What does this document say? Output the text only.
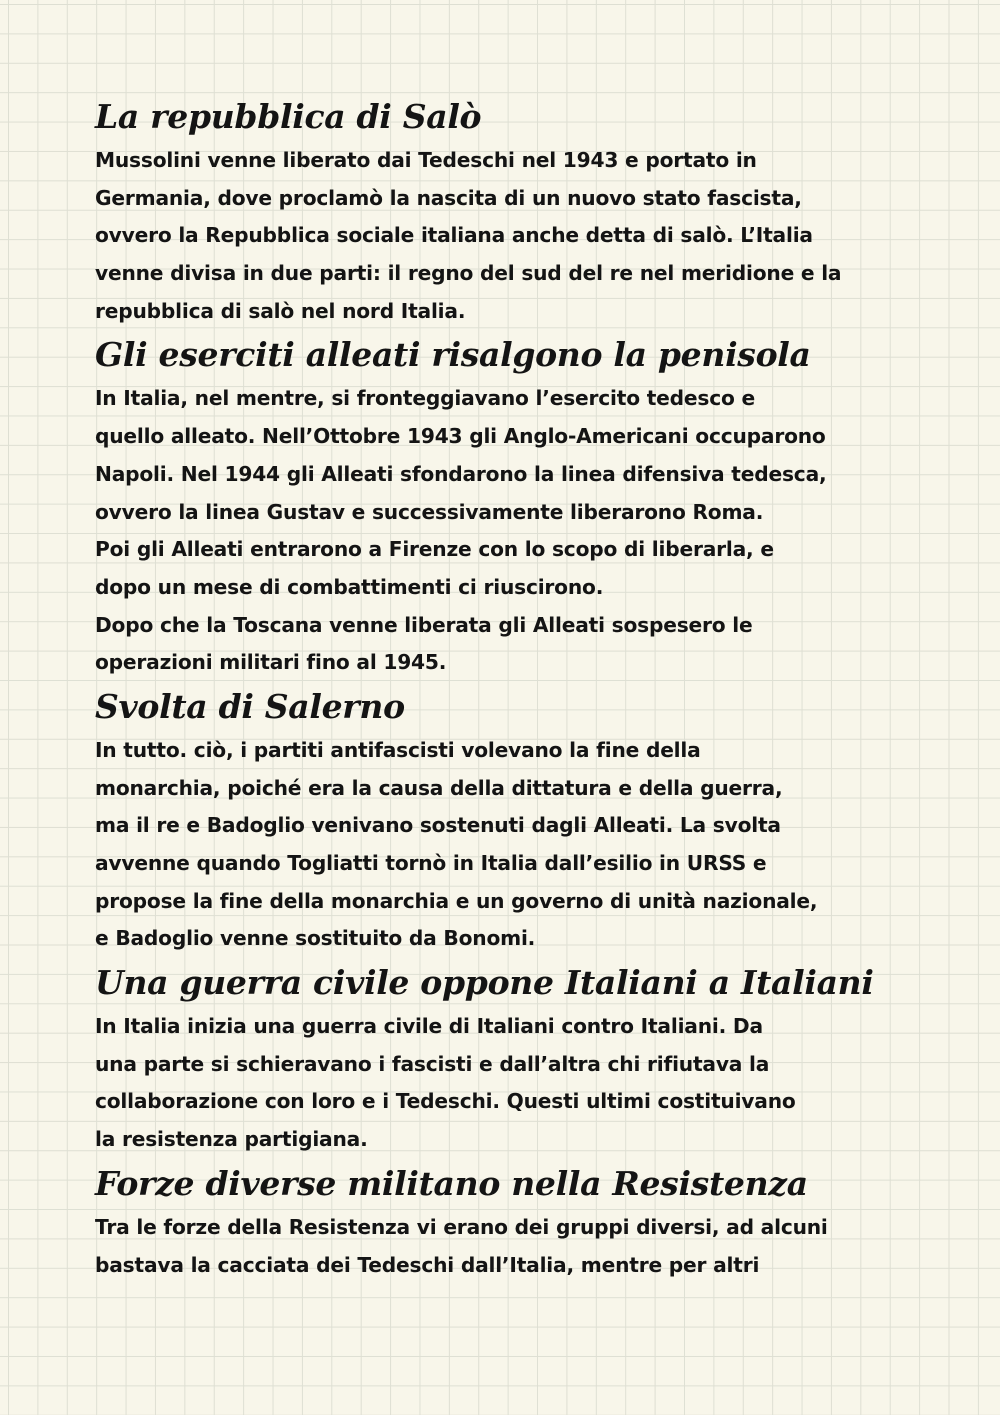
La repubblica di Salò

Mussolini venne liberato dai Tedeschi nel 1943 e portato in

Germania, dove proclamò la nascita di un nuovo stato fascista,

ovvero la Repubblica sociale italiana anche detta di salò. L’Italia

venne divisa in due parti: il regno del sud del re nel meridione e la

repubblica di salò nel nord Italia.

Gli eserciti alleati risalgono la penisola

In Italia, nel mentre, si fronteggiavano l’esercito tedesco e

quello alleato. Nell’Ottobre 1943 gli Anglo-Americani occuparono

Napoli. Nel 1944 gli Alleati sfondarono la linea difensiva tedesca,

ovvero la linea Gustav e successivamente liberarono Roma.

Poi gli Alleati entrarono a Firenze con lo scopo di liberarla, e

dopo un mese di combattimenti ci riuscirono.

Dopo che la Toscana venne liberata gli Alleati sospesero le

operazioni militari fino al 1945.

Svolta di Salerno

In tutto. ciò, i partiti antifascisti volevano la fine della

monarchia, poiché era la causa della dittatura e della guerra,

ma il re e Badoglio venivano sostenuti dagli Alleati. La svolta

avvenne quando Togliatti tornò in Italia dall’esilio in URSS e

propose la fine della monarchia e un governo di unità nazionale,

e Badoglio venne sostituito da Bonomi.

Una guerra civile oppone Italiani a Italiani

In Italia inizia una guerra civile di Italiani contro Italiani. Da

una parte si schieravano i fascisti e dall’altra chi rifiutava la

collaborazione con loro e i Tedeschi. Questi ultimi costituivano

la resistenza partigiana.

Forze diverse militano nella Resistenza

Tra le forze della Resistenza vi erano dei gruppi diversi, ad alcuni

bastava la cacciata dei Tedeschi dall’Italia, mentre per altri
